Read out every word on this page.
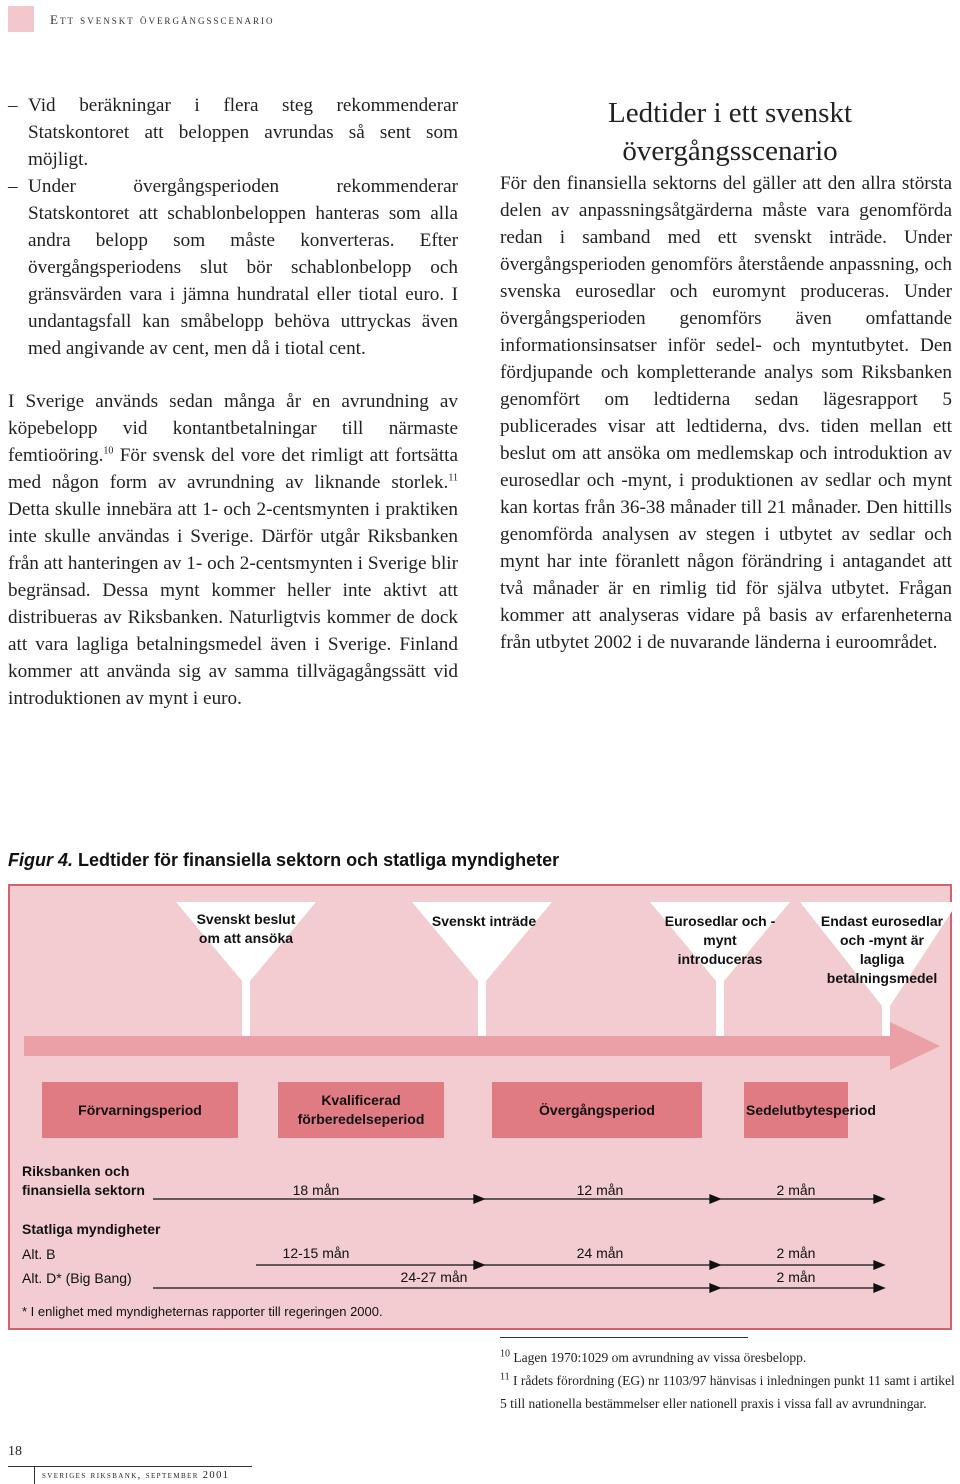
Ett svenskt övergångsscenario
– Vid beräkningar i flera steg rekommenderar Statskontoret att beloppen avrundas så sent som möjligt.
– Under övergångsperioden rekommenderar Statskontoret att schablonbeloppen hanteras som alla andra belopp som måste konverteras. Efter övergångsperiodens slut bör schablonbelopp och gränsvärden vara i jämna hundratal eller tiotal euro. I undantagsfall kan småbelopp behöva uttryckas även med angivande av cent, men då i tiotal cent.

I Sverige används sedan många år en avrundning av köpebelopp vid kontantbetalningar till närmaste femtioöring.$^{10}$ För svensk del vore det rimligt att fortsätta med någon form av avrundning av liknande storlek.$^{11}$ Detta skulle innebära att 1- och 2-centsmynten i praktiken inte skulle användas i Sverige. Därför utgår Riksbanken från att hanteringen av 1- och 2-centsmynten i Sverige blir begränsad. Dessa mynt kommer heller inte aktivt att distribueras av Riksbanken. Naturligtvis kommer de dock att vara lagliga betalningsmedel även i Sverige. Finland kommer att använda sig av samma tillvägagångssätt vid introduktionen av mynt i euro.

Ledtider i ett svenskt övergångsscenario

För den finansiella sektorns del gäller att den allra största delen av anpassningsåtgärderna måste vara genomförda redan i samband med ett svenskt inträde. Under övergångsperioden genomförs återstående anpassning, och svenska eurosedlar och euromynt produceras. Under övergångsperioden genomförs även omfattande informationsinsatser inför sedel- och myntutbytet. Den fördjupande och kompletterande analys som Riksbanken genomfört om ledtiderna sedan lägesrapport 5 publicerades visar att ledtiderna, dvs. tiden mellan ett beslut om att ansöka om medlemskap och introduktion av eurosedlar och -mynt, i produktionen av sedlar och mynt kan kortas från 36-38 månader till 21 månader. Den hittills genomförda analysen av stegen i utbytet av sedlar och mynt har inte föranlett någon förändring i antagandet att två månader är en rimlig tid för själva utbytet. Frågan kommer att analyseras vidare på basis av erfarenheterna från utbytet 2002 i de nuvarande länderna i euroområdet.

Figur 4. Ledtider för finansiella sektorn och statliga myndigheter
Svenskt beslut om att ansöka
Svenskt inträde	Eurosedlar och -mynt introduceras
Endast eurosedlar och -mynt är lagliga betalningsmedel
Förvarningsperiod
Kvalificerad förberedelseperiod
Övergångsperiod	Sedelutbytesperiod
Riksbanken och finansiella sektorn
Statliga myndigheter
Alt. B
Alt. D* (Big Bang)
18 mån	12 mån	2 mån
12-15 mån	24 mån	2 mån
24-27 mån	2 mån
* I enlighet med myndigheternas rapporter till regeringen 2000.

$^{10}$ Lagen 1970:1029 om avrundning av vissa öresbelopp.

$^{11}$ I rådets förordning (EG) nr 1103/97 hänvisas i inledningen punkt 11 samt i artikel 5 till nationella bestämmelser eller nationell praxis i vissa fall av avrundningar.

18
sveriges riksbank, september 2001
